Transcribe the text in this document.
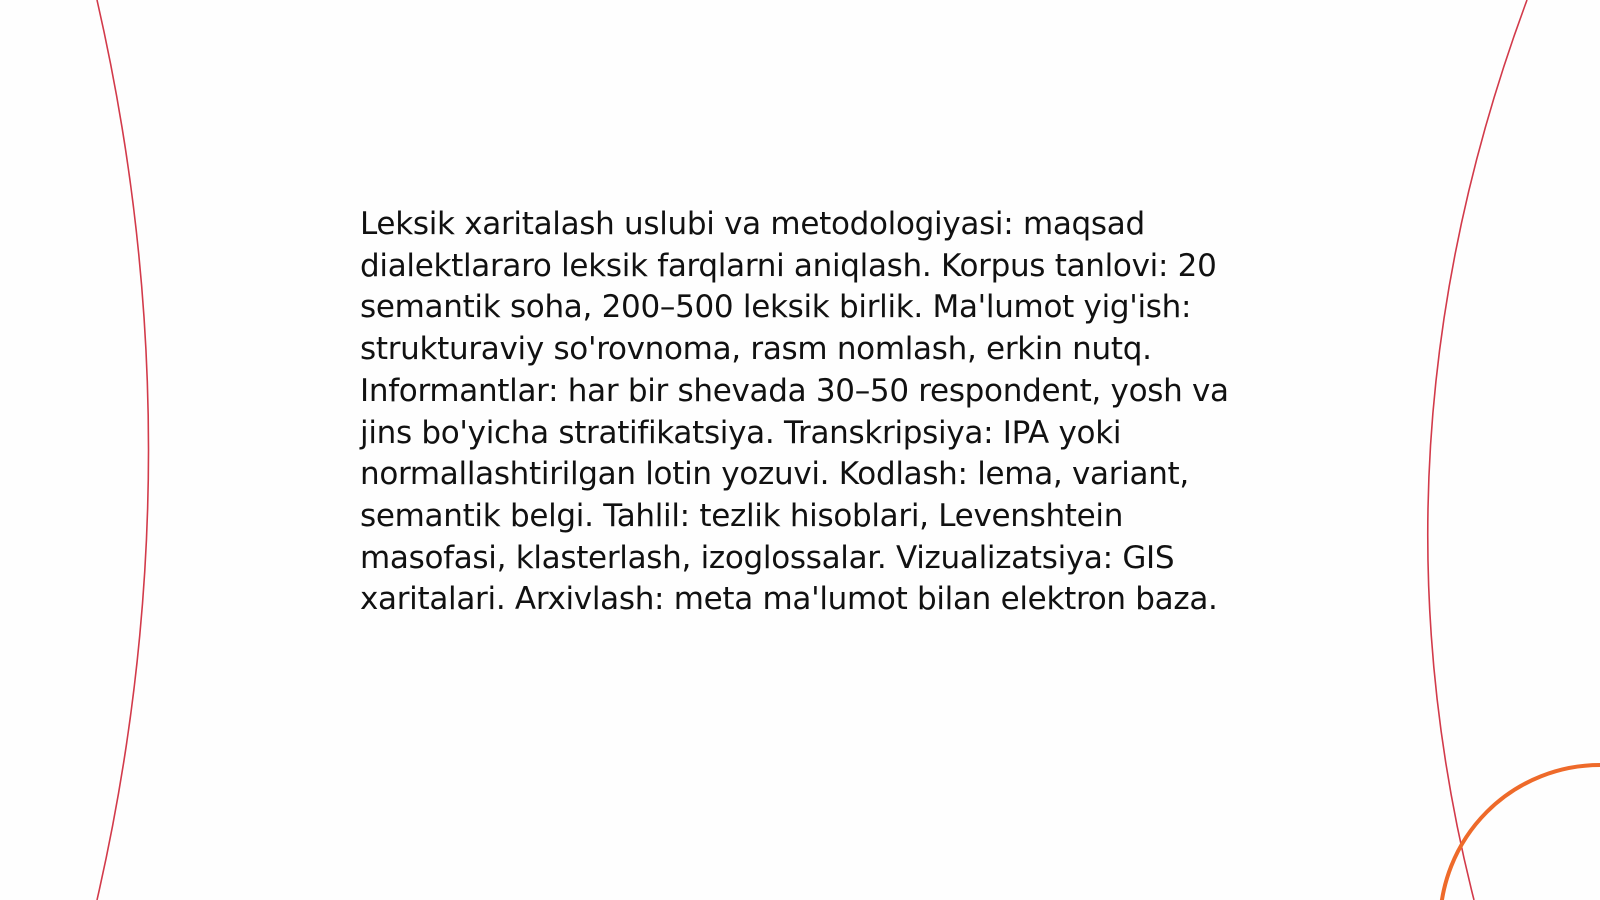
Leksik xaritalash uslubi va metodologiyasi: maqsad dialektlararo leksik farqlarni aniqlash. Korpus tanlovi: 20 semantik soha, 200–500 leksik birlik. Ma'lumot yig'ish: strukturaviy so'rovnoma, rasm nomlash, erkin nutq. Informantlar: har bir shevada 30–50 respondent, yosh va jins bo'yicha stratifikatsiya. Transkripsiya: IPA yoki normallashtirilgan lotin yozuvi. Kodlash: lema, variant, semantik belgi. Tahlil: tezlik hisoblari, Levenshtein masofasi, klasterlash, izoglossalar. Vizualizatsiya: GIS xaritalari. Arxivlash: meta ma'lumot bilan elektron baza.
